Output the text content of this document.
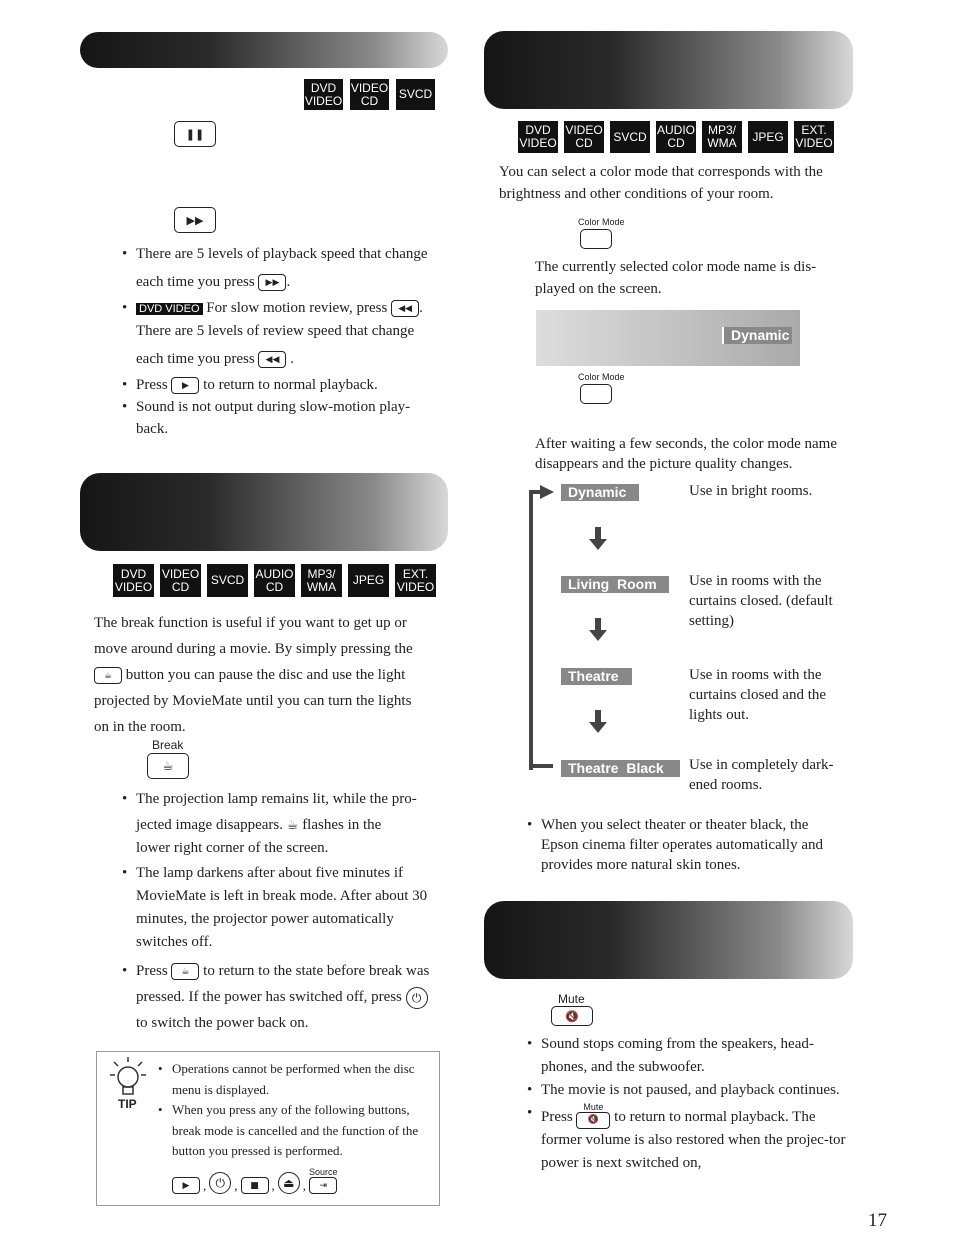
DVD
VIDEO
VIDEO
CD	SVCD
❚❚
▶▶
• There are 5 levels of playback speed that change
each time you press ▶▶ .
• DVD VIDEO For slow motion review, press ◀◀ .
There are 5 levels of review speed that change
each time you press ◀◀ .
• Press ▶ to return to normal playback.
• Sound is not output during slow-motion play-back.
DVD
VIDEO
VIDEO
CD	SVCD AUDIO
CD
MP3/
WMA	JPEG	EXT.
VIDEO
The break function is useful if you want to get up or
move around during a movie. By simply pressing the
☕ button you can pause the disc and use the light
projected by MovieMate until you can turn the lights
on in the room.
Break
☕
• The projection lamp remains lit, while the pro-
jected image disappears. ☕ flashes in the
lower right corner of the screen.
• The lamp darkens after about five minutes if MovieMate is left in break mode. After about 30 minutes, the projector power automatically switches off.
• Press ☕ to return to the state before break was
pressed. If the power has switched off, press ⏻
to switch the power back on.
TIP
• Operations cannot be performed when the disc menu is displayed.
• When you press any of the following buttons, break mode is cancelled and the function of the button you pressed is performed.
▶	, ⏻ ,	■ , ⏏ ,
Source
⇥
DVD
VIDEO
VIDEO
CD	SVCD AUDIO
CD
MP3/
WMA	JPEG	EXT.
VIDEO
You can select a color mode that corresponds with the brightness and other conditions of your room.
Color Mode
The currently selected color mode name is dis-played on the screen.
Dynamic
Color Mode
After waiting a few seconds, the color mode name disappears and the picture quality changes.
Dynamic	Use in bright rooms.
Living  Room	Use in rooms with the curtains closed. (default setting)
Theatre	Use in rooms with the curtains closed and the lights out.
Theatre  Black	Use in completely dark-ened rooms.
• When you select theater or theater black, the Epson cinema filter operates automatically and provides more natural skin tones.
Mute
🔇
• Sound stops coming from the speakers, head-phones, and the subwoofer.
• The movie is not paused, and playback continues.
• Press
Mute
🔇	to return to normal playback. The former volume is also restored when the projec-tor power is next switched on,
17
